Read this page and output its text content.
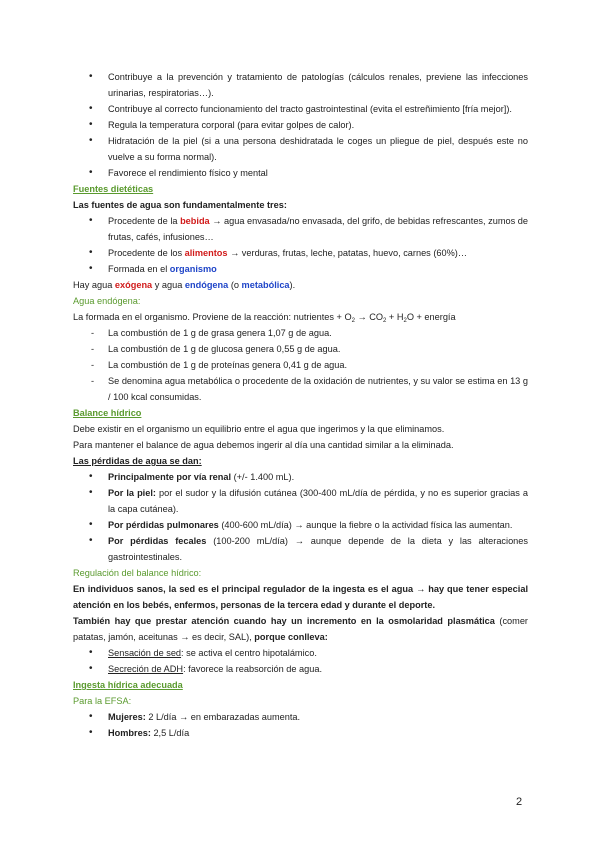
• Contribuye a la prevención y tratamiento de patologías (cálculos renales, previene las infecciones urinarias, respiratorias…).
• Contribuye al correcto funcionamiento del tracto gastrointestinal (evita el estreñimiento [fría mejor]).
• Regula la temperatura corporal (para evitar golpes de calor).
• Hidratación de la piel (si a una persona deshidratada le coges un pliegue de piel, después este no vuelve a su forma normal).
• Favorece el rendimiento físico y mental
Fuentes dietéticas
Las fuentes de agua son fundamentalmente tres:
• Procedente de la bebida → agua envasada/no envasada, del grifo, de bebidas refrescantes, zumos de frutas, cafés, infusiones…
• Procedente de los alimentos → verduras, frutas, leche, patatas, huevo, carnes (60%)…
• Formada en el organismo
Hay agua exógena y agua endógena (o metabólica).
Agua endógena:
La formada en el organismo. Proviene de la reacción: nutrientes + $O_2 \to CO_2 + H_2O$ + energía
- La combustión de 1 g de grasa genera 1,07 g de agua.
- La combustión de 1 g de glucosa genera 0,55 g de agua.
- La combustión de 1 g de proteínas genera 0,41 g de agua.
- Se denomina agua metabólica o procedente de la oxidación de nutrientes, y su valor se estima en 13 g / 100 kcal consumidas.
Balance hídrico
Debe existir en el organismo un equilibrio entre el agua que ingerimos y la que eliminamos.
Para mantener el balance de agua debemos ingerir al día una cantidad similar a la eliminada.
Las pérdidas de agua se dan:
• Principalmente por vía renal (+/- 1.400 mL).
• Por la piel: por el sudor y la difusión cutánea (300-400 mL/día de pérdida, y no es superior gracias a la capa cutánea).
• Por pérdidas pulmonares (400-600 mL/día) → aunque la fiebre o la actividad física las aumentan.
• Por pérdidas fecales (100-200 mL/día) → aunque depende de la dieta y las alteraciones gastrointestinales.
Regulación del balance hídrico:
En individuos sanos, la sed es el principal regulador de la ingesta es el agua → hay que tener especial atención en los bebés, enfermos, personas de la tercera edad y durante el deporte.
También hay que prestar atención cuando hay un incremento en la osmolaridad plasmática (comer patatas, jamón, aceitunas → es decir, SAL), porque conlleva:
• Sensación de sed: se activa el centro hipotalámico.
• Secreción de ADH: favorece la reabsorción de agua.
Ingesta hídrica adecuada
Para la EFSA:
• Mujeres: 2 L/día → en embarazadas aumenta.
• Hombres: 2,5 L/día
2
